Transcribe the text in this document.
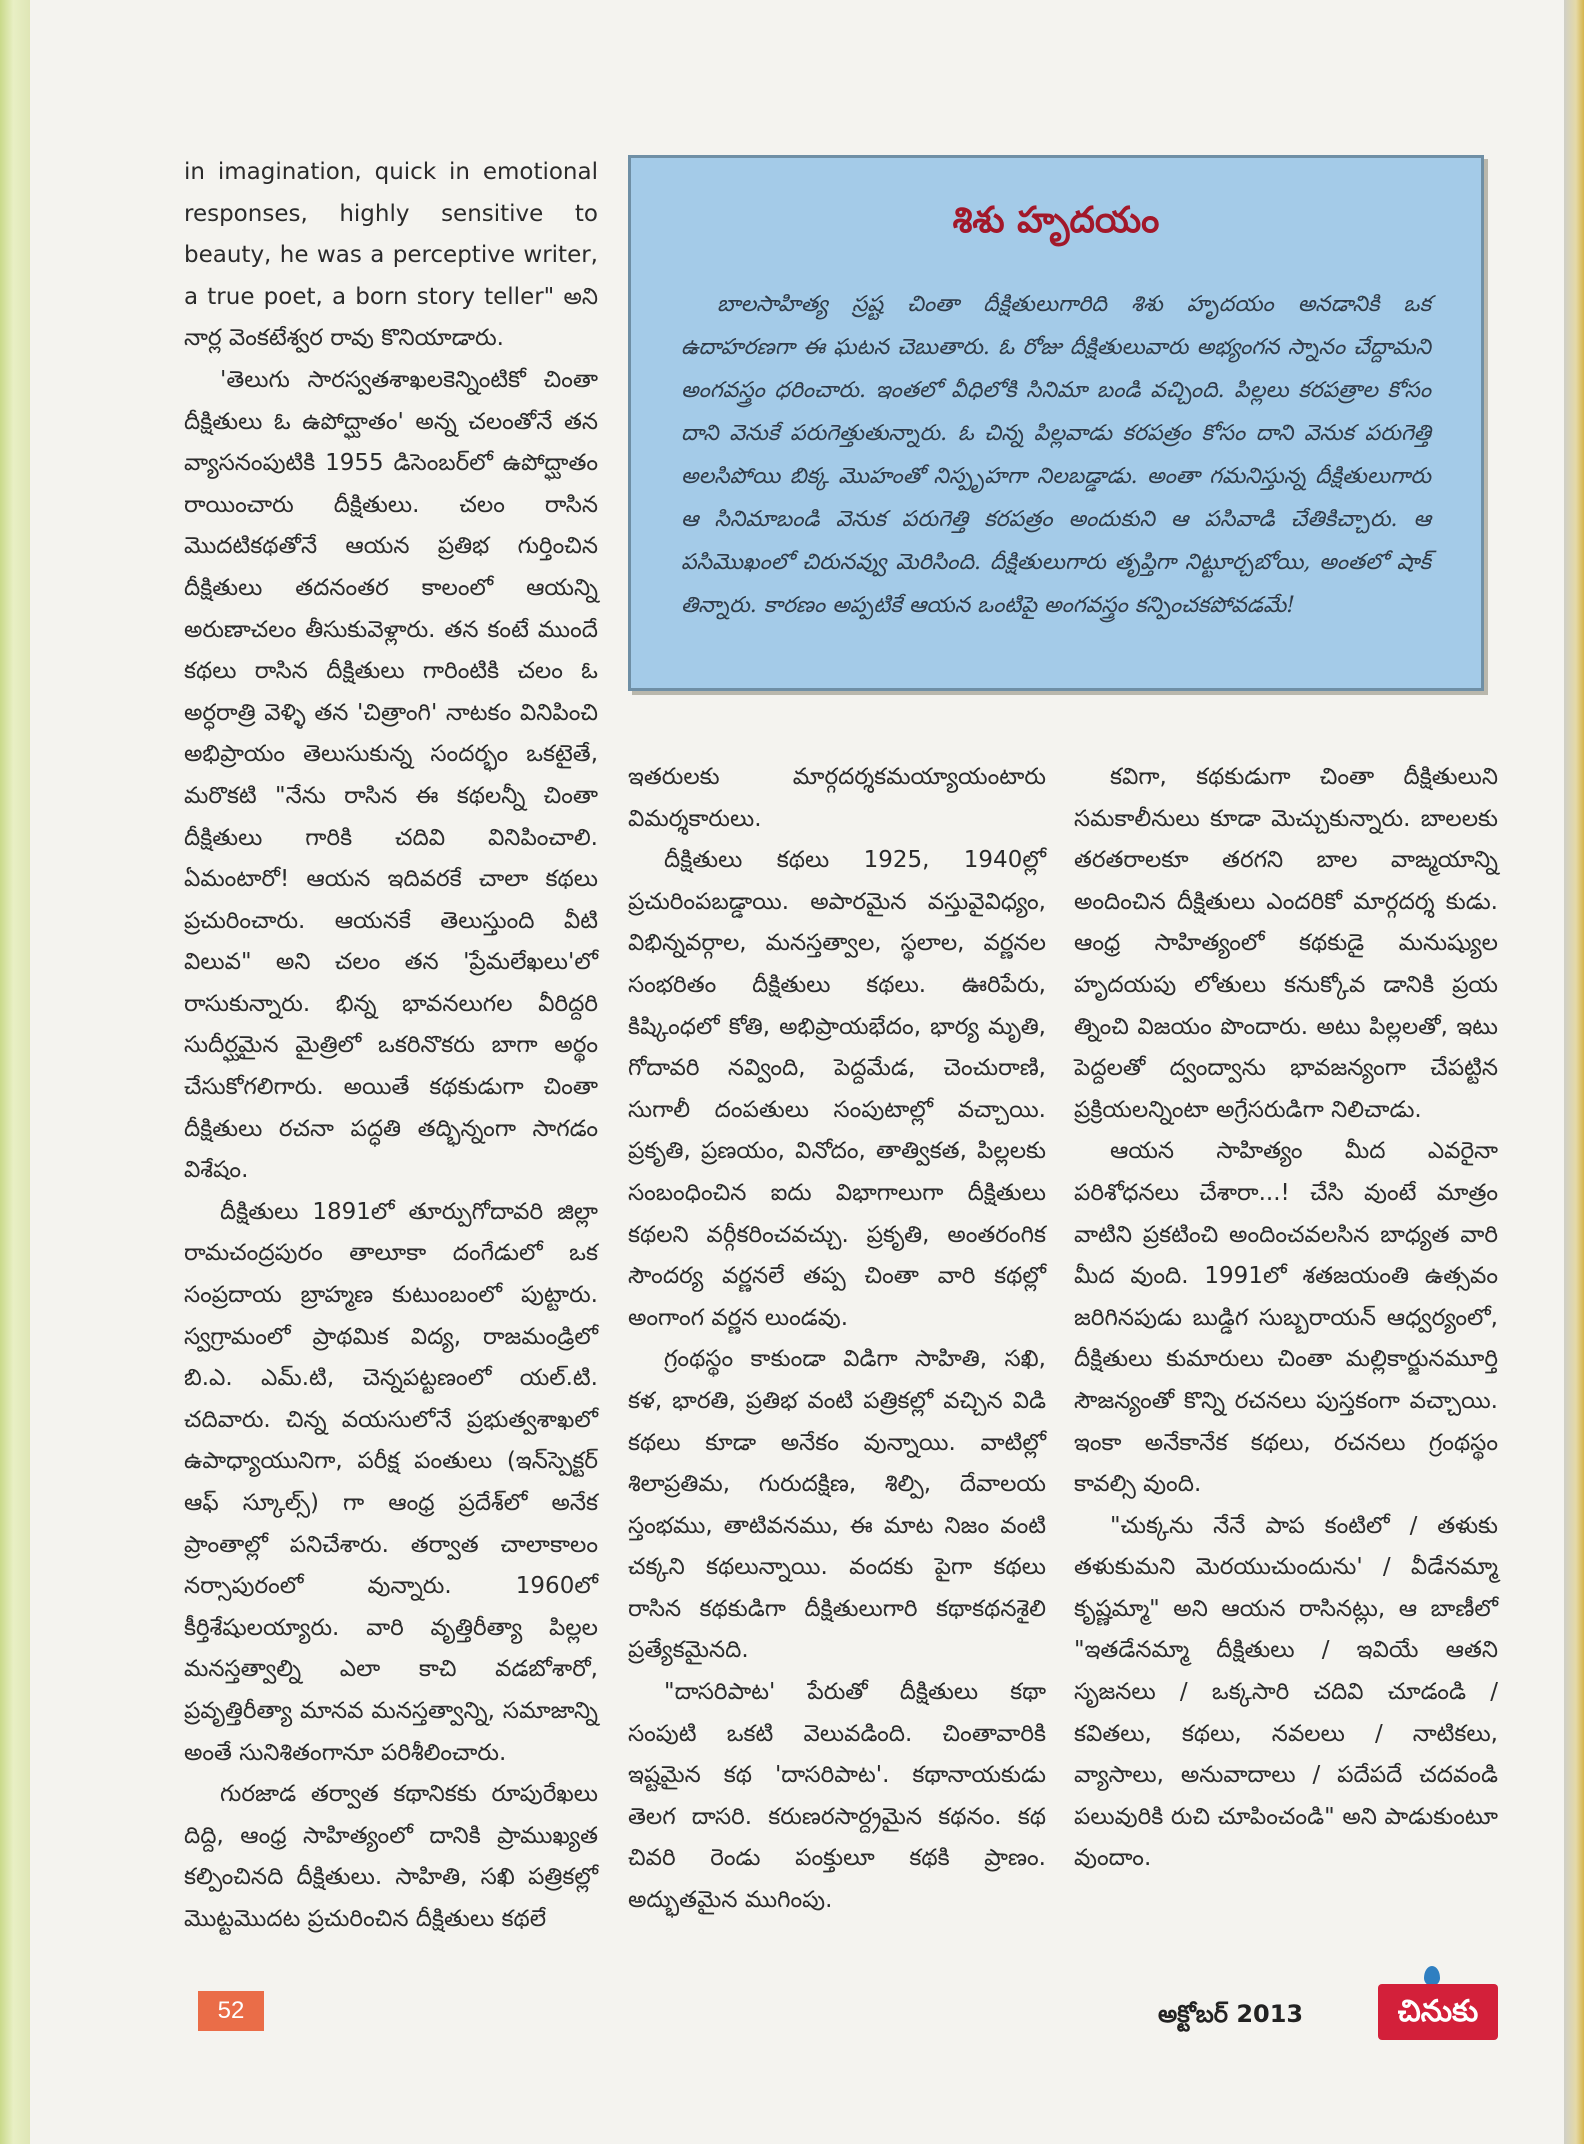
in imagination, quick in emotional responses, highly sensitive to beauty, he was a perceptive writer, a true poet, a born story teller" అని నార్ల వెంకటేశ్వర రావు కొనియాడారు.

'తెలుగు సారస్వతశాఖలకెన్నింటికో చింతా దీక్షితులు ఓ ఉపోద్ఘాతం' అన్న చలంతోనే తన వ్యాసనంపుటికి 1955 డిసెంబర్‌లో ఉపోద్ఘాతం రాయించారు దీక్షితులు. చలం రాసిన మొదటికథతోనే ఆయన ప్రతిభ గుర్తించిన దీక్షితులు తదనంతర కాలంలో ఆయన్ని అరుణాచలం తీసుకువెళ్లారు. తన కంటే ముందే కథలు రాసిన దీక్షితులు గారింటికి చలం ఓ అర్ధరాత్రి వెళ్ళి తన 'చిత్రాంగి' నాటకం వినిపించి అభిప్రాయం తెలుసుకున్న సందర్భం ఒకటైతే, మరొకటి "నేను రాసిన ఈ కథలన్నీ చింతా దీక్షితులు గారికి చదివి వినిపించాలి. ఏమంటారో! ఆయన ఇదివరకే చాలా కథలు ప్రచురించారు. ఆయనకే తెలుస్తుంది వీటి విలువ" అని చలం తన 'ప్రేమలేఖలు'లో రాసుకున్నారు. భిన్న భావనలుగల వీరిద్దరి సుదీర్ఘమైన మైత్రిలో ఒకరినొకరు బాగా అర్థం చేసుకోగలిగారు. అయితే కథకుడుగా చింతా దీక్షితులు రచనా పద్ధతి తద్భిన్నంగా సాగడం విశేషం.

దీక్షితులు 1891లో తూర్పుగోదావరి జిల్లా రామచంద్రపురం తాలూకా దంగేడులో ఒక సంప్రదాయ బ్రాహ్మణ కుటుంబంలో పుట్టారు. స్వగ్రామంలో ప్రాథమిక విద్య, రాజమండ్రిలో బి.ఎ. ఎమ్.టి, చెన్నపట్టణంలో యల్.టి. చదివారు. చిన్న వయసులోనే ప్రభుత్వశాఖలో ఉపాధ్యాయునిగా, పరీక్ష పంతులు (ఇన్‌స్పెక్టర్ ఆఫ్ స్కూల్స్) గా ఆంధ్ర ప్రదేశ్‌లో అనేక ప్రాంతాల్లో పనిచేశారు. తర్వాత చాలాకాలం నర్సాపురంలో వున్నారు. 1960లో కీర్తిశేషులయ్యారు. వారి వృత్తిరీత్యా పిల్లల మనస్తత్వాల్ని ఎలా కాచి వడబోశారో, ప్రవృత్తిరీత్యా మానవ మనస్తత్వాన్ని, సమాజాన్ని అంతే సునిశితంగానూ పరిశీలించారు.

గురజాడ తర్వాత కథానికకు రూపురేఖలు దిద్ది, ఆంధ్ర సాహిత్యంలో దానికి ప్రాముఖ్యత కల్పించినది దీక్షితులు. సాహితి, సఖి పత్రికల్లో మొట్టమొదట ప్రచురించిన దీక్షితులు కథలే

శిశు హృదయం
బాలసాహిత్య స్రష్ట చింతా దీక్షితులుగారిది శిశు హృదయం అనడానికి ఒక ఉదాహరణగా ఈ ఘటన చెబుతారు. ఓ రోజు దీక్షితులువారు అభ్యంగన స్నానం చేద్దామని అంగవస్త్రం ధరించారు. ఇంతలో వీధిలోకి సినిమా బండి వచ్చింది. పిల్లలు కరపత్రాల కోసం దాని వెనుకే పరుగెత్తుతున్నారు. ఓ చిన్న పిల్లవాడు కరపత్రం కోసం దాని వెనుక పరుగెత్తి అలసిపోయి బిక్క మొహంతో నిస్పృహగా నిలబడ్డాడు. అంతా గమనిస్తున్న దీక్షితులుగారు ఆ సినిమాబండి వెనుక పరుగెత్తి కరపత్రం అందుకుని ఆ పసివాడి చేతికిచ్చారు. ఆ పసిమొఖంలో చిరునవ్వు మెరిసింది. దీక్షితులుగారు తృప్తిగా నిట్టూర్చబోయి, అంతలో షాక్ తిన్నారు. కారణం అప్పటికే ఆయన ఒంటిపై అంగవస్త్రం కన్పించకపోవడమే!

ఇతరులకు మార్గదర్శకమయ్యాయంటారు విమర్శకారులు.

దీక్షితులు కథలు 1925, 1940ల్లో ప్రచురింపబడ్డాయి. అపారమైన వస్తువైవిధ్యం, విభిన్నవర్గాల, మనస్తత్వాల, స్థలాల, వర్ణనల సంభరితం దీక్షితులు కథలు. ఊరిపేరు, కిష్కింధలో కోతి, అభిప్రాయభేదం, భార్య మృతి, గోదావరి నవ్వింది, పెద్దమేడ, చెంచురాణి, సుగాలీ దంపతులు సంపుటాల్లో వచ్చాయి. ప్రకృతి, ప్రణయం, వినోదం, తాత్వికత, పిల్లలకు సంబంధించిన ఐదు విభాగాలుగా దీక్షితులు కథలని వర్గీకరించవచ్చు. ప్రకృతి, అంతరంగిక సౌందర్య వర్ణనలే తప్ప చింతా వారి కథల్లో అంగాంగ వర్ణన లుండవు.

గ్రంథస్థం కాకుండా విడిగా సాహితి, సఖి, కళ, భారతి, ప్రతిభ వంటి పత్రికల్లో వచ్చిన విడి కథలు కూడా అనేకం వున్నాయి. వాటిల్లో శిలాప్రతిమ, గురుదక్షిణ, శిల్పి, దేవాలయ స్తంభము, తాటివనము, ఈ మాట నిజం వంటి చక్కని కథలున్నాయి. వందకు పైగా కథలు రాసిన కథకుడిగా దీక్షితులుగారి కథాకథనశైలి ప్రత్యేకమైనది.

"దాసరిపాట' పేరుతో దీక్షితులు కథా సంపుటి ఒకటి వెలువడింది. చింతావారికి ఇష్టమైన కథ 'దాసరిపాట'. కథానాయకుడు తెలగ దాసరి. కరుణరసార్ద్రమైన కథనం. కథ చివరి రెండు పంక్తులూ కథకి ప్రాణం. అద్భుతమైన ముగింపు.

కవిగా, కథకుడుగా చింతా దీక్షితులుని సమకాలీనులు కూడా మెచ్చుకున్నారు. బాలలకు తరతరాలకూ తరగని బాల వాఙ్మయాన్ని అందించిన దీక్షితులు ఎందరికో మార్గదర్శ కుడు. ఆంధ్ర సాహిత్యంలో కథకుడై మనుష్యుల హృదయపు లోతులు కనుక్కోవ డానికి ప్రయ త్నించి విజయం పొందారు. అటు పిల్లలతో, ఇటు పెద్దలతో ద్వంద్వాను భావజన్యంగా చేపట్టిన ప్రక్రియలన్నింటా అగ్రేసరుడిగా నిలిచాడు.

ఆయన సాహిత్యం మీద ఎవరైనా పరిశోధనలు చేశారా...! చేసి వుంటే మాత్రం వాటిని ప్రకటించి అందించవలసిన బాధ్యత వారి మీద వుంది. 1991లో శతజయంతి ఉత్సవం జరిగినపుడు బుడ్డిగ సుబ్బరాయన్ ఆధ్వర్యంలో, దీక్షితులు కుమారులు చింతా మల్లికార్జునమూర్తి సౌజన్యంతో కొన్ని రచనలు పుస్తకంగా వచ్చాయి. ఇంకా అనేకానేక కథలు, రచనలు గ్రంథస్థం కావల్సి వుంది.

"చుక్కను నేనే పాప కంటిలో / తళుకు తళుకుమని మెరయుచుందును' / వీడేనమ్మా కృష్ణమ్మా" అని ఆయన రాసినట్లు, ఆ బాణీలో "ఇతడేనమ్మా దీక్షితులు / ఇవియే ఆతని సృజనలు / ఒక్కసారి చదివి చూడండి / కవితలు, కథలు, నవలలు / నాటికలు, వ్యాసాలు, అనువాదాలు / పదేపదే చదవండి పలువురికి రుచి చూపించండి" అని పాడుకుంటూ వుందాం.

52	అక్టోబర్ 2013	చినుకు
